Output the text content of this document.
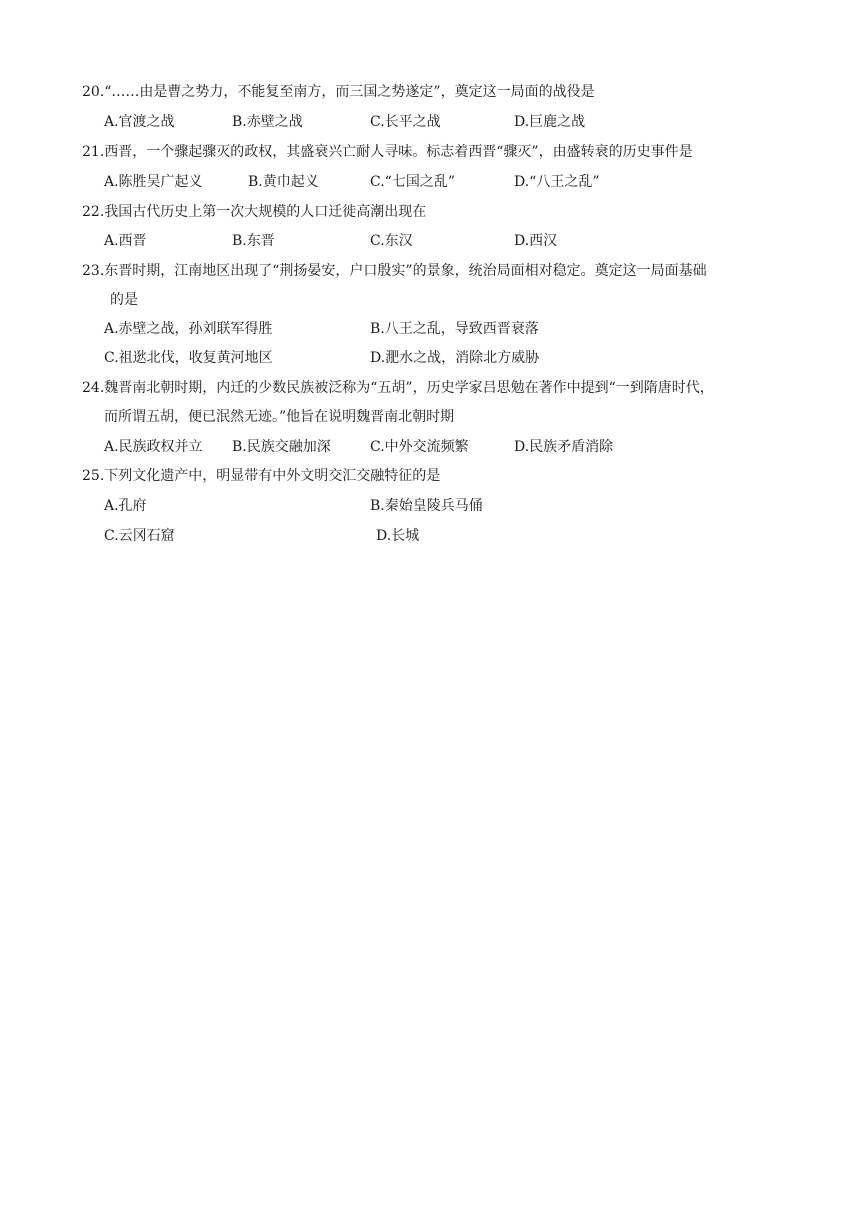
20.“……由是曹之势力，不能复至南方，而三国之势遂定”，奠定这一局面的战役是
A.官渡之战	B.赤壁之战	C.长平之战	D.巨鹿之战
21.西晋，一个骤起骤灭的政权，其盛衰兴亡耐人寻味。标志着西晋“骤灭”，由盛转衰的历史事件是
A.陈胜吴广起义	B.黄巾起义	C.“七国之乱”	D.“八王之乱”
22.我国古代历史上第一次大规模的人口迁徙高潮出现在
A.西晋	B.东晋	C.东汉	D.西汉
23.东晋时期，江南地区出现了“荆扬晏安，户口殷实”的景象，统治局面相对稳定。奠定这一局面基础
的是
A.赤壁之战，孙刘联军得胜	B.八王之乱，导致西晋衰落
C.祖逖北伐，收复黄河地区	D.淝水之战，消除北方威胁
24.魏晋南北朝时期，内迁的少数民族被泛称为“五胡”，历史学家吕思勉在著作中提到“一到隋唐时代，
而所谓五胡，便已泯然无迹。”他旨在说明魏晋南北朝时期
A.民族政权并立 B.民族交融加深	C.中外交流频繁	D.民族矛盾消除
25.下列文化遗产中，明显带有中外文明交汇交融特征的是
A.孔府	B.秦始皇陵兵马俑
C.云冈石窟	D.长城
